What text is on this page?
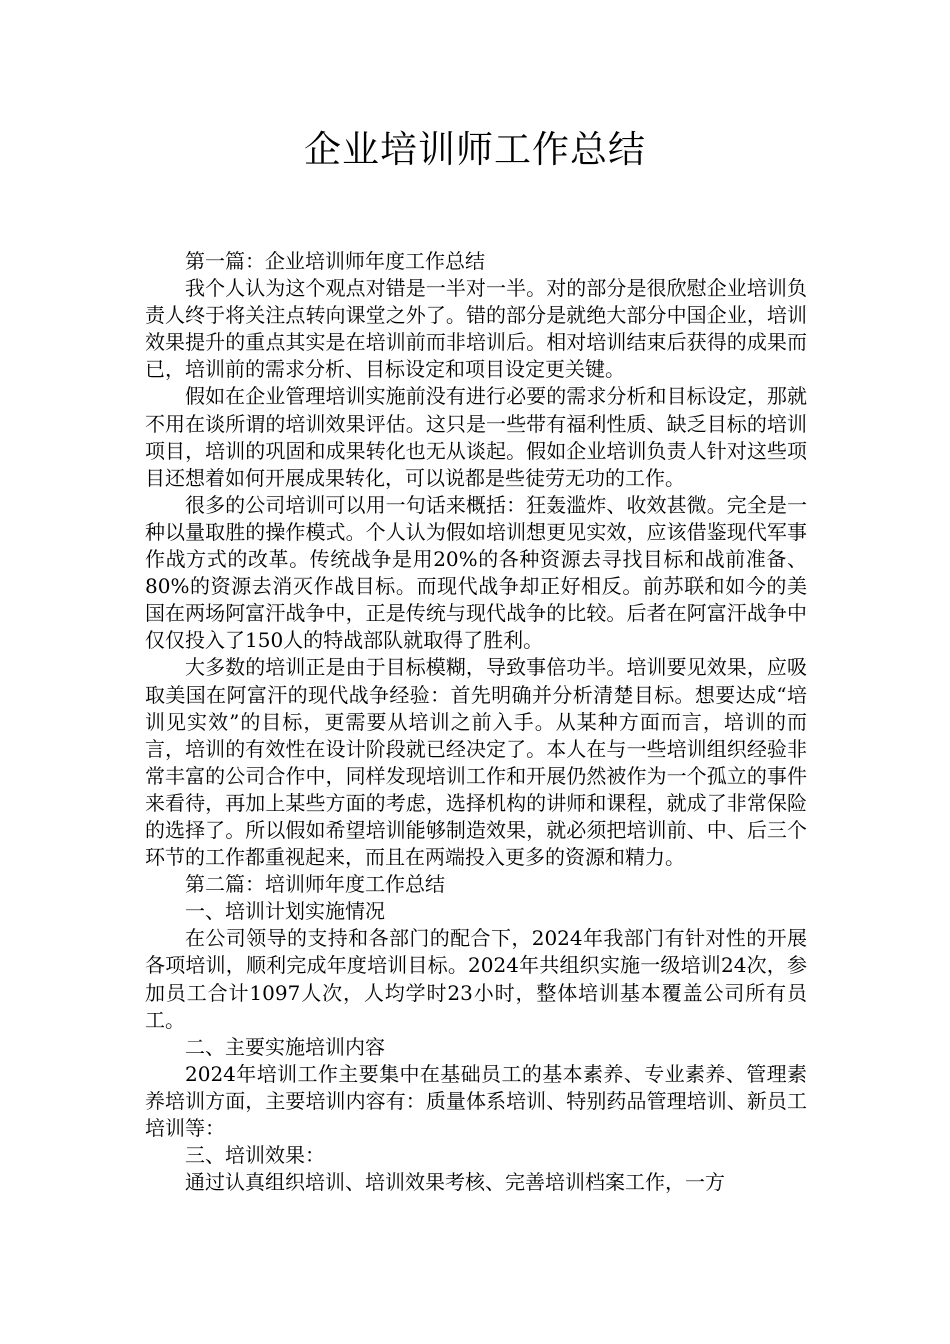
企业培训师工作总结

第一篇：企业培训师年度工作总结

我个人认为这个观点对错是一半对一半。对的部分是很欣慰企业培训负责人终于将关注点转向课堂之外了。错的部分是就绝大部分中国企业，培训效果提升的重点其实是在培训前而非培训后。相对培训结束后获得的成果而已，培训前的需求分析、目标设定和项目设定更关键。

假如在企业管理培训实施前没有进行必要的需求分析和目标设定，那就不用在谈所谓的培训效果评估。这只是一些带有福利性质、缺乏目标的培训项目，培训的巩固和成果转化也无从谈起。假如企业培训负责人针对这些项目还想着如何开展成果转化，可以说都是些徒劳无功的工作。

很多的公司培训可以用一句话来概括：狂轰滥炸、收效甚微。完全是一种以量取胜的操作模式。个人认为假如培训想更见实效，应该借鉴现代军事作战方式的改革。传统战争是用20%的各种资源去寻找目标和战前准备、80%的资源去消灭作战目标。而现代战争却正好相反。前苏联和如今的美国在两场阿富汗战争中，正是传统与现代战争的比较。后者在阿富汗战争中仅仅投入了150人的特战部队就取得了胜利。

大多数的培训正是由于目标模糊，导致事倍功半。培训要见效果，应吸取美国在阿富汗的现代战争经验：首先明确并分析清楚目标。想要达成“培训见实效”的目标，更需要从培训之前入手。从某种方面而言，培训的而言，培训的有效性在设计阶段就已经决定了。本人在与一些培训组织经验非常丰富的公司合作中，同样发现培训工作和开展仍然被作为一个孤立的事件来看待，再加上某些方面的考虑，选择机构的讲师和课程，就成了非常保险的选择了。所以假如希望培训能够制造效果，就必须把培训前、中、后三个环节的工作都重视起来，而且在两端投入更多的资源和精力。

第二篇：培训师年度工作总结

一、培训计划实施情况

在公司领导的支持和各部门的配合下，2024年我部门有针对性的开展各项培训，顺利完成年度培训目标。2024年共组织实施一级培训24次，参加员工合计1097人次，人均学时23小时，整体培训基本覆盖公司所有员工。

二、主要实施培训内容

2024年培训工作主要集中在基础员工的基本素养、专业素养、管理素养培训方面，主要培训内容有：质量体系培训、特别药品管理培训、新员工培训等：

三、培训效果：

通过认真组织培训、培训效果考核、完善培训档案工作，一方
